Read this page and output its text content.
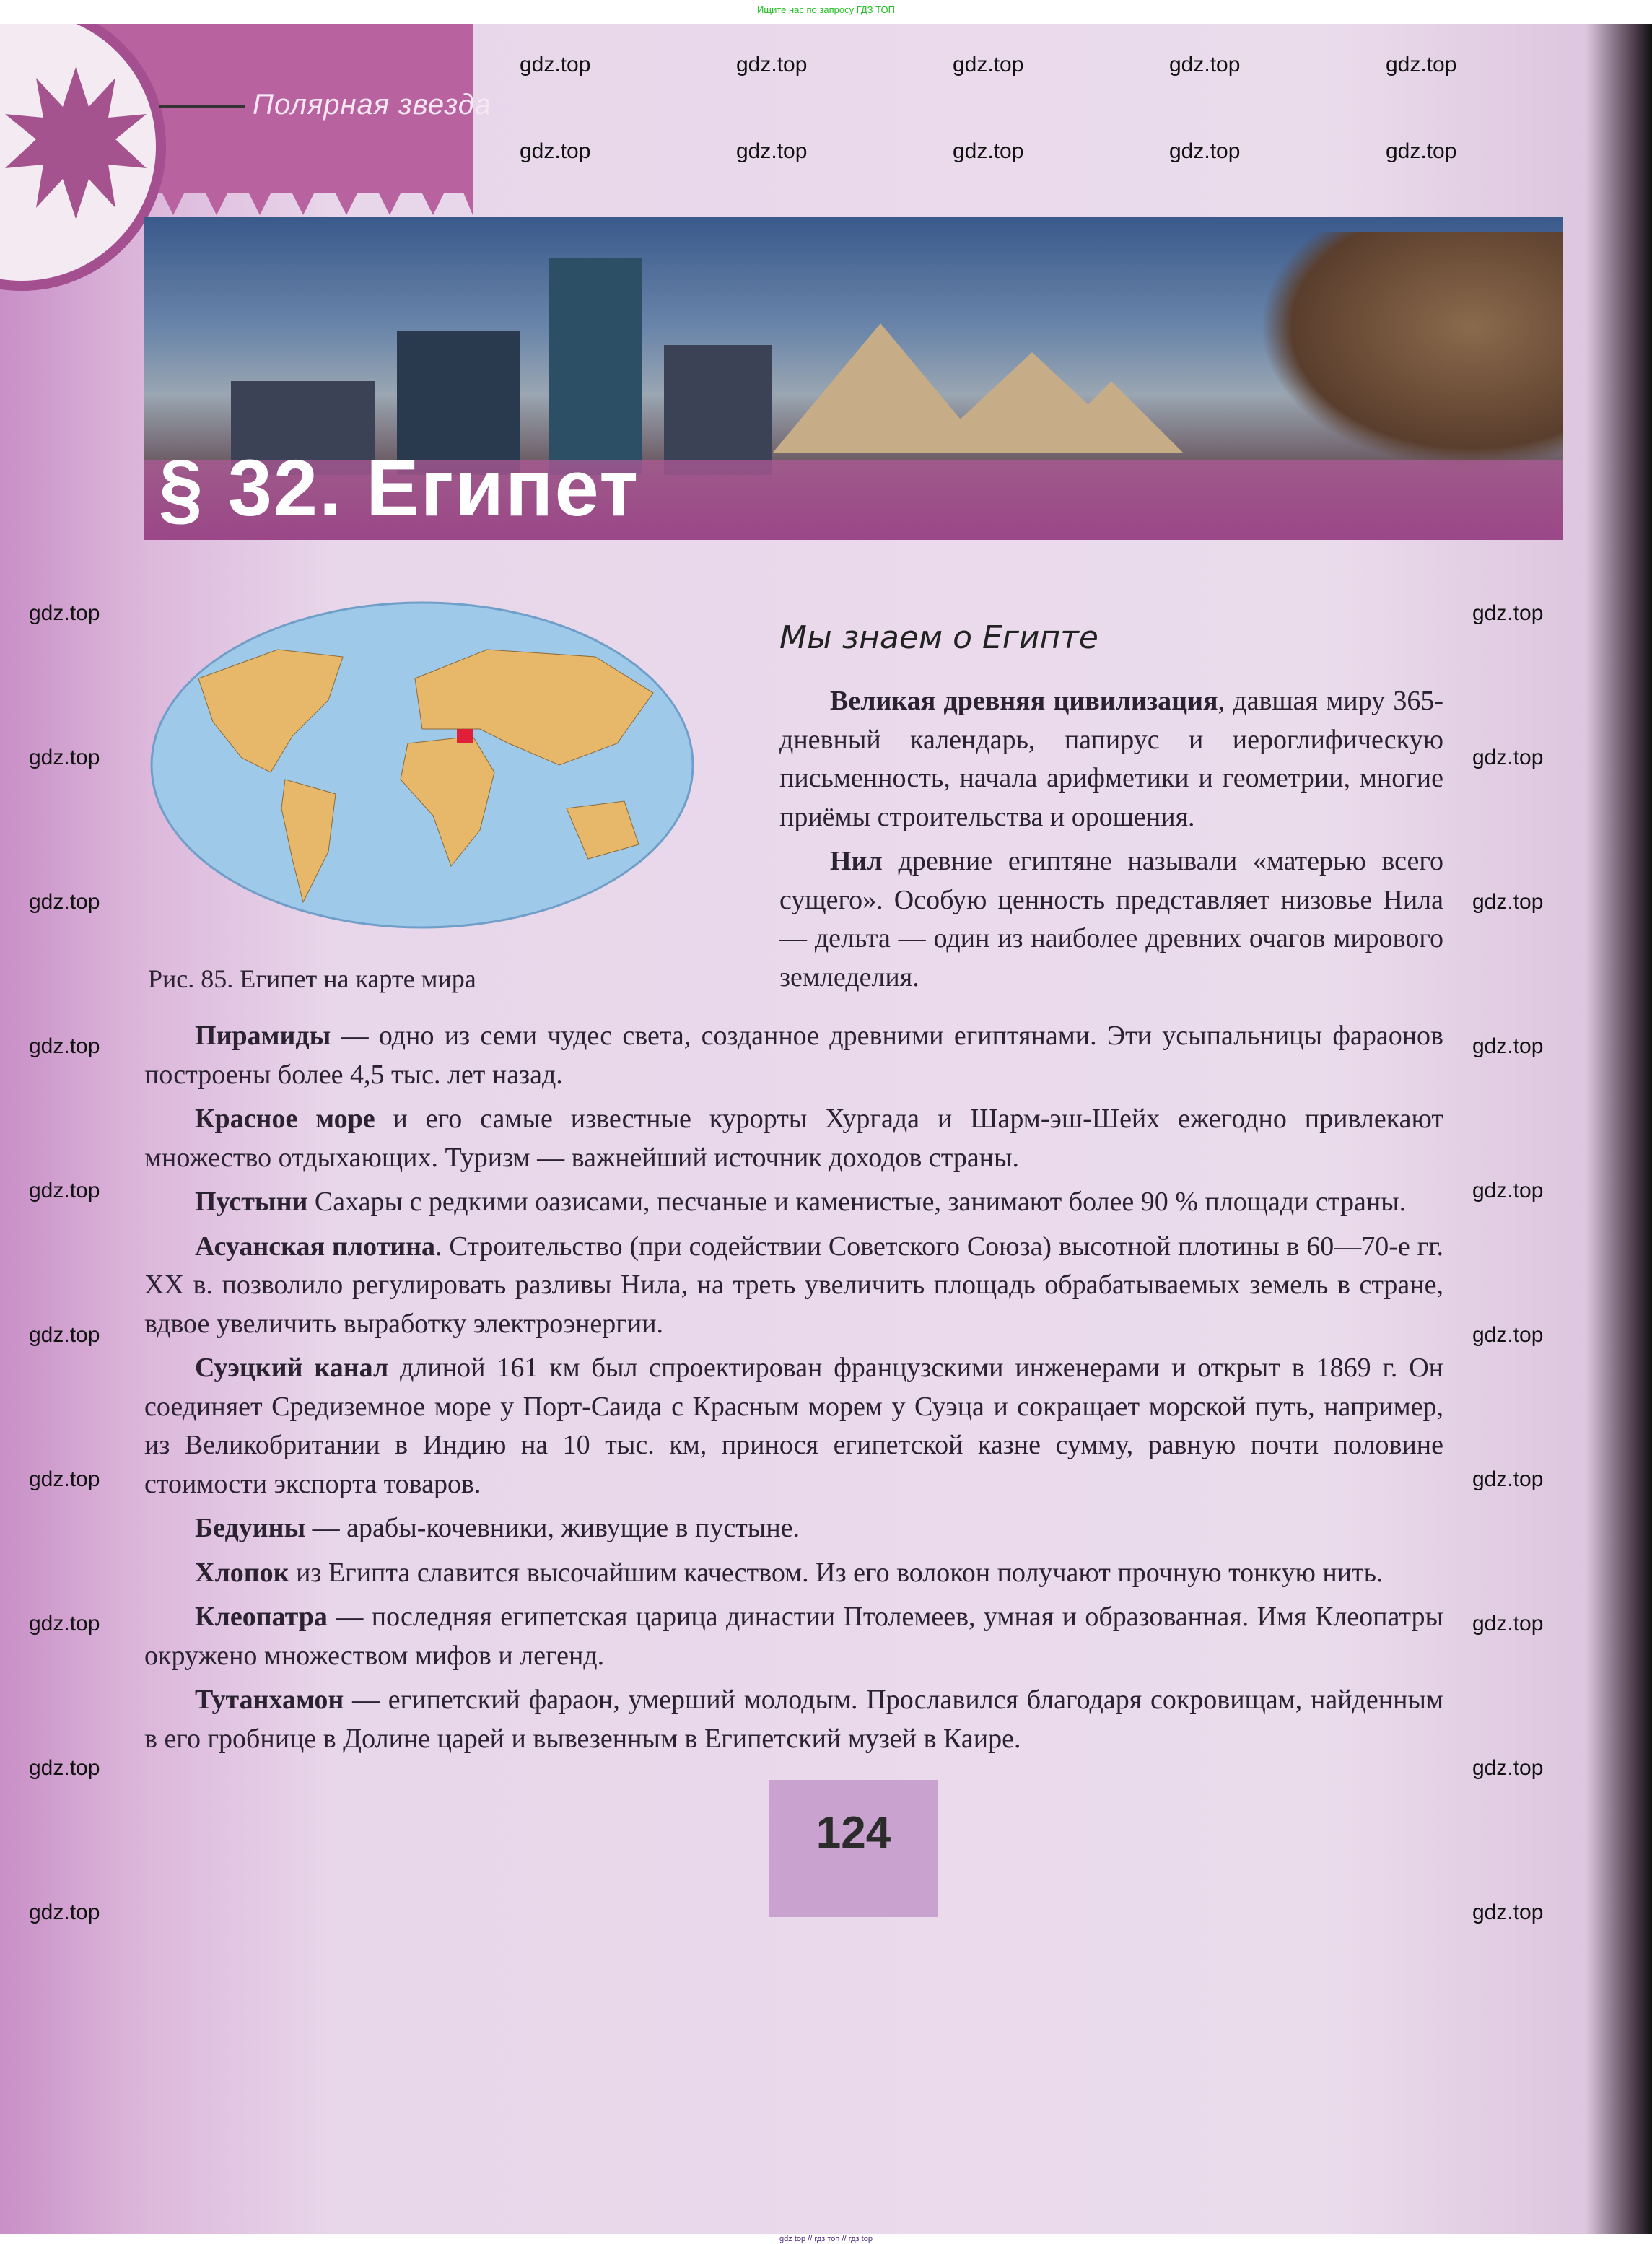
Ищите нас по запросу ГДЗ ТОП
Полярная звезда
§ 32. Египет
Рис. 85. Египет на карте мира
Мы знаем о Египте

Великая древняя цивилизация, давшая миру 365-дневный календарь, папирус и иероглифическую письменность, начала арифметики и геометрии, многие приёмы строительства и орошения.

Нил древние египтяне называли «матерью всего сущего». Особую ценность представляет низовье Нила — дельта — один из наиболее древних очагов мирового земледелия.

Пирамиды — одно из семи чудес света, созданное древними египтянами. Эти усыпальницы фараонов построены более 4,5 тыс. лет назад.

Красное море и его самые известные курорты Хургада и Шарм-эш-Шейх ежегодно привлекают множество отдыхающих. Туризм — важнейший источник доходов страны.

Пустыни Сахары с редкими оазисами, песчаные и каменистые, занимают более 90 % площади страны.

Асуанская плотина. Строительство (при содействии Советского Союза) высотной плотины в 60—70-е гг. XX в. позволило регулировать разливы Нила, на треть увеличить площадь обрабатываемых земель в стране, вдвое увеличить выработку электроэнергии.

Суэцкий канал длиной 161 км был спроектирован французскими инженерами и открыт в 1869 г. Он соединяет Средиземное море у Порт-Саида с Красным морем у Суэца и сокращает морской путь, например, из Великобритании в Индию на 10 тыс. км, принося египетской казне сумму, равную почти половине стоимости экспорта товаров.

Бедуины — арабы-кочевники, живущие в пустыне.

Хлопок из Египта славится высочайшим качеством. Из его волокон получают прочную тонкую нить.

Клеопатра — последняя египетская царица династии Птолемеев, умная и образованная. Имя Клеопатры окружено множеством мифов и легенд.

Тутанхамон — египетский фараон, умерший молодым. Прославился благодаря сокровищам, найденным в его гробнице в Долине царей и вывезенным в Египетский музей в Каире.

124
gdz.top	gdz.top	gdz.top	gdz.top	gdz.top
gdz.top	gdz.top	gdz.top	gdz.top	gdz.top
gdz.top
gdz.top
gdz.top
gdz.top
gdz.top
gdz.top
gdz.top
gdz.top
gdz.top
gdz.top
gdz.top
gdz.top
gdz.top
gdz.top
gdz.top
gdz.top
gdz.top
gdz.top
gdz.top
gdz.top
gdz top // гдз топ // гдз top
